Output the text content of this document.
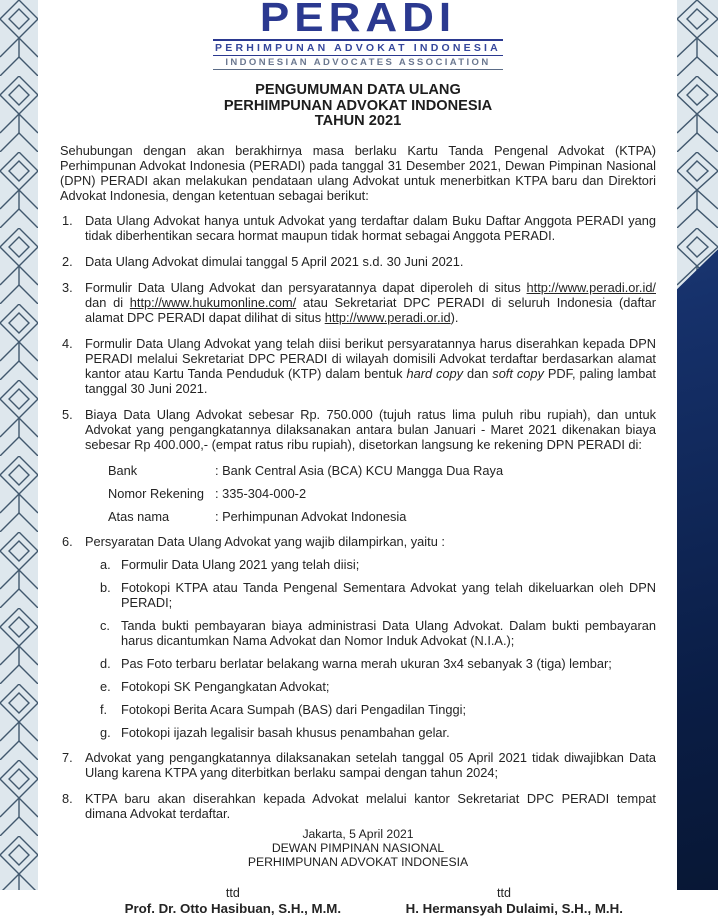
PERADI
PERHIMPUNAN ADVOKAT INDONESIA
INDONESIAN ADVOCATES ASSOCIATION
PENGUMUMAN DATA ULANG
PERHIMPUNAN ADVOKAT INDONESIA
TAHUN 2021
Sehubungan dengan akan berakhirnya masa berlaku Kartu Tanda Pengenal Advokat (KTPA) Perhimpunan Advokat Indonesia (PERADI) pada tanggal 31 Desember 2021, Dewan Pimpinan Nasional (DPN) PERADI akan melakukan pendataan ulang Advokat untuk menerbitkan KTPA baru dan Direktori Advokat Indonesia, dengan ketentuan sebagai berikut:
1. Data Ulang Advokat hanya untuk Advokat yang terdaftar dalam Buku Daftar Anggota PERADI yang tidak diberhentikan secara hormat maupun tidak hormat sebagai Anggota PERADI.
2. Data Ulang Advokat dimulai tanggal 5 April 2021 s.d. 30 Juni 2021.
3. Formulir Data Ulang Advokat dan persyaratannya dapat diperoleh di situs http://www.peradi.or.id/ dan di http://www.hukumonline.com/ atau Sekretariat DPC PERADI di seluruh Indonesia (daftar alamat DPC PERADI dapat dilihat di situs http://www.peradi.or.id).
4. Formulir Data Ulang Advokat yang telah diisi berikut persyaratannya harus diserahkan kepada DPN PERADI melalui Sekretariat DPC PERADI di wilayah domisili Advokat terdaftar berdasarkan alamat kantor atau Kartu Tanda Penduduk (KTP) dalam bentuk hard copy dan soft copy PDF, paling lambat tanggal 30 Juni 2021.
5. Biaya Data Ulang Advokat sebesar Rp. 750.000 (tujuh ratus lima puluh ribu rupiah), dan untuk Advokat yang pengangkatannya dilaksanakan antara bulan Januari - Maret 2021 dikenakan biaya sebesar Rp 400.000,- (empat ratus ribu rupiah), disetorkan langsung ke rekening DPN PERADI di:
Bank	: Bank Central Asia (BCA) KCU Mangga Dua Raya
Nomor Rekening : 335-304-000-2
Atas nama	: Perhimpunan Advokat Indonesia
6. Persyaratan Data Ulang Advokat yang wajib dilampirkan, yaitu :
a. Formulir Data Ulang 2021 yang telah diisi;
b. Fotokopi KTPA atau Tanda Pengenal Sementara Advokat yang telah dikeluarkan oleh DPN PERADI;
c. Tanda bukti pembayaran biaya administrasi Data Ulang Advokat. Dalam bukti pembayaran harus dicantumkan Nama Advokat dan Nomor Induk Advokat (N.I.A.);
d. Pas Foto terbaru berlatar belakang warna merah ukuran 3x4 sebanyak 3 (tiga) lembar;
e. Fotokopi SK Pengangkatan Advokat;
f.	Fotokopi Berita Acara Sumpah (BAS) dari Pengadilan Tinggi;
g. Fotokopi ijazah legalisir basah khusus penambahan gelar.
7. Advokat yang pengangkatannya dilaksanakan setelah tanggal 05 April 2021 tidak diwajibkan Data Ulang karena KTPA yang diterbitkan berlaku sampai dengan tahun 2024;
8. KTPA baru akan diserahkan kepada Advokat melalui kantor Sekretariat DPC PERADI tempat dimana Advokat terdaftar.
Jakarta, 5 April 2021
DEWAN PIMPINAN NASIONAL
PERHIMPUNAN ADVOKAT INDONESIA
ttd
Prof. Dr. Otto Hasibuan, S.H., M.M.
ttd
H. Hermansyah Dulaimi, S.H., M.H.
